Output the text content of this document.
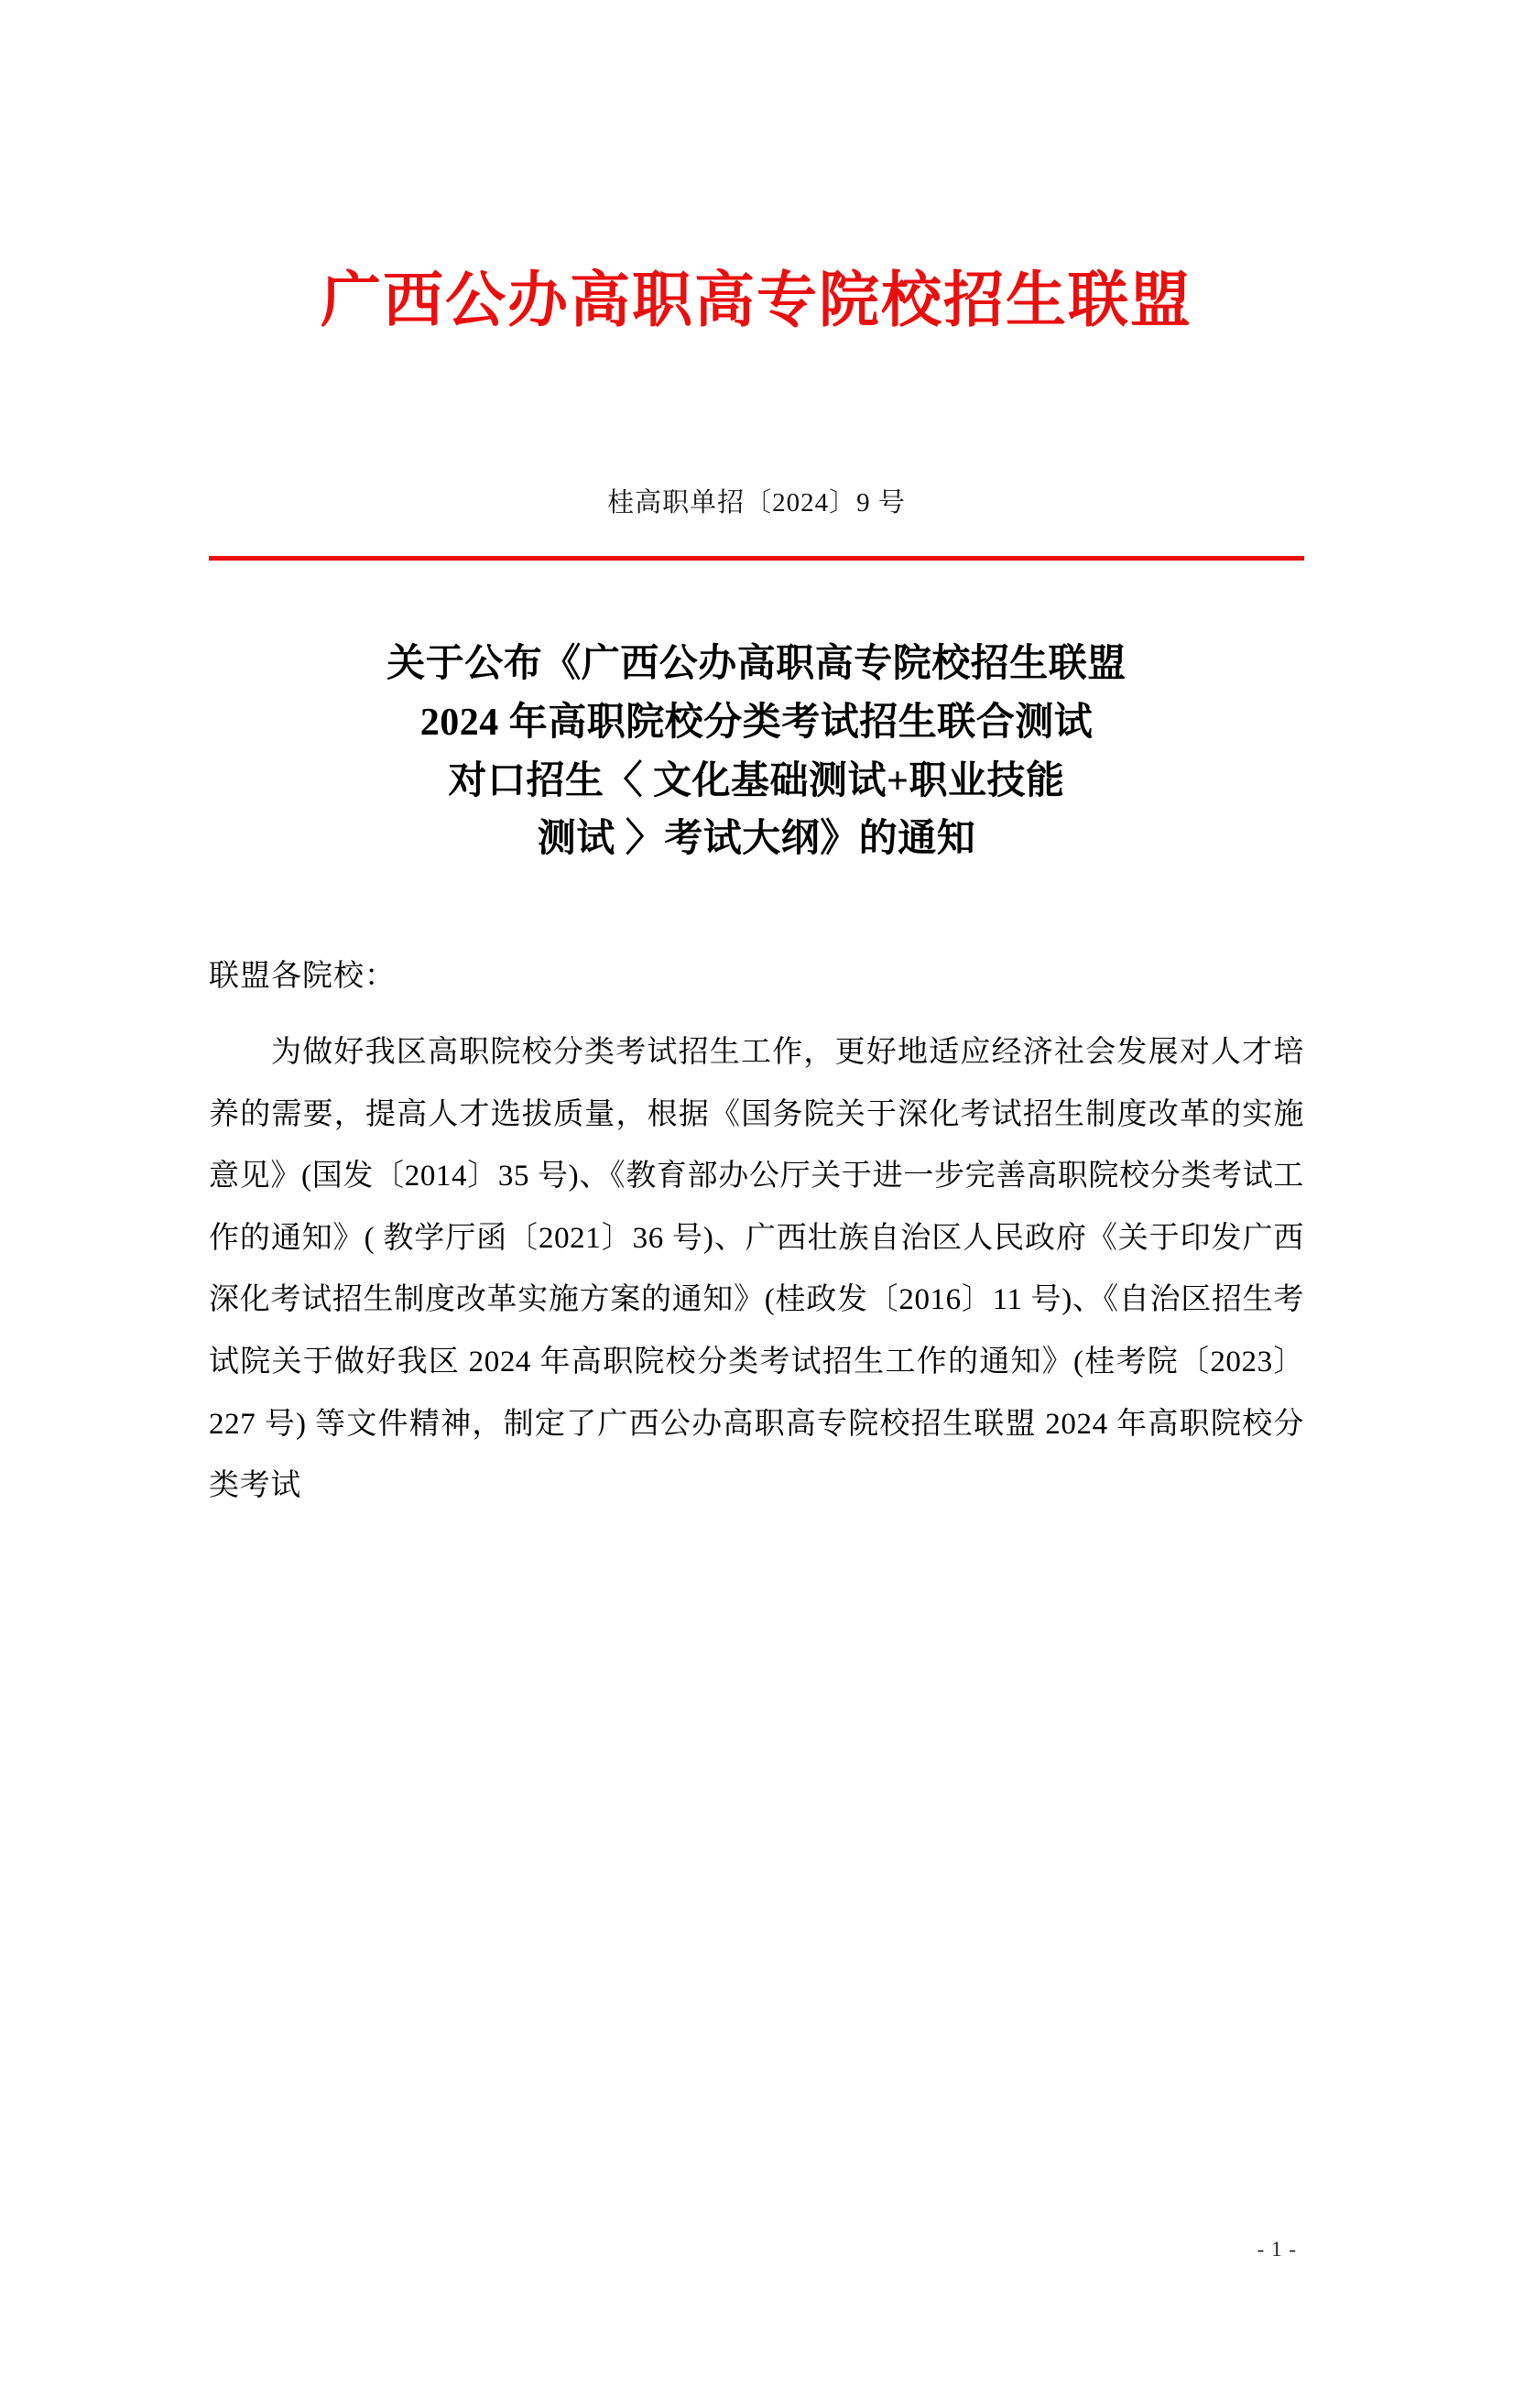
广西公办高职高专院校招生联盟
桂高职单招〔2024〕9 号
关于公布《广西公办高职高专院校招生联盟
2024 年高职院校分类考试招生联合测试
对口招生〈 文化基础测试+职业技能
测试 〉考试大纲》的通知
联盟各院校：
为做好我区高职院校分类考试招生工作，更好地适应经济社会发展对人才培养的需要，提高人才选拔质量，根据《国务院关于深化考试招生制度改革的实施意见》(国发〔2014〕35 号)、《教育部办公厅关于进一步完善高职院校分类考试工作的通知》( 教学厅函〔2021〕36 号)、广西壮族自治区人民政府《关于印发广西深化考试招生制度改革实施方案的通知》(桂政发〔2016〕11 号)、《自治区招生考试院关于做好我区 2024 年高职院校分类考试招生工作的通知》(桂考院〔2023〕227 号) 等文件精神，制定了广西公办高职高专院校招生联盟 2024 年高职院校分类考试
- 1 -
